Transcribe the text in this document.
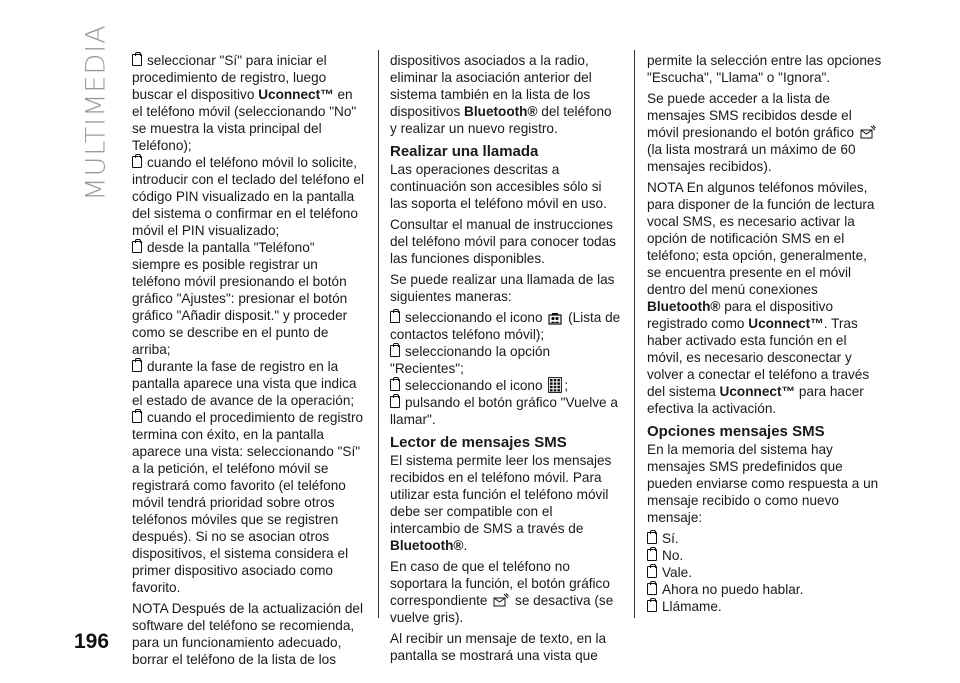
MULTIMEDIA
196

seleccionar "Sí" para iniciar el procedimiento de registro, luego buscar el dispositivo Uconnect™ en el teléfono móvil (seleccionando "No" se muestra la vista principal del Teléfono);

cuando el teléfono móvil lo solicite, introducir con el teclado del teléfono el código PIN visualizado en la pantalla del sistema o confirmar en el teléfono móvil el PIN visualizado;

desde la pantalla "Teléfono" siempre es posible registrar un teléfono móvil presionando el botón gráfico "Ajustes": presionar el botón gráfico "Añadir disposit." y proceder como se describe en el punto de arriba;

durante la fase de registro en la pantalla aparece una vista que indica el estado de avance de la operación;

cuando el procedimiento de registro termina con éxito, en la pantalla aparece una vista: seleccionando "Sí" a la petición, el teléfono móvil se registrará como favorito (el teléfono móvil tendrá prioridad sobre otros teléfonos móviles que se registren después). Si no se asocian otros dispositivos, el sistema considera el primer dispositivo asociado como favorito.

NOTA Después de la actualización del software del teléfono se recomienda, para un funcionamiento adecuado, borrar el teléfono de la lista de los

dispositivos asociados a la radio, eliminar la asociación anterior del sistema también en la lista de los dispositivos Bluetooth® del teléfono y realizar un nuevo registro.

Realizar una llamada

Las operaciones descritas a continuación son accesibles sólo si las soporta el teléfono móvil en uso.

Consultar el manual de instrucciones del teléfono móvil para conocer todas las funciones disponibles.

Se puede realizar una llamada de las siguientes maneras:

seleccionando el icono  (Lista de contactos teléfono móvil);

seleccionando la opción "Recientes";

seleccionando el icono ;

pulsando el botón gráfico "Vuelve a llamar".

Lector de mensajes SMS

El sistema permite leer los mensajes recibidos en el teléfono móvil. Para utilizar esta función el teléfono móvil debe ser compatible con el intercambio de SMS a través de Bluetooth®.

En caso de que el teléfono no soportara la función, el botón gráfico correspondiente  se desactiva (se vuelve gris).

Al recibir un mensaje de texto, en la pantalla se mostrará una vista que

permite la selección entre las opciones "Escucha", "Llama" o "Ignora".

Se puede acceder a la lista de mensajes SMS recibidos desde el móvil presionando el botón gráfico  (la lista mostrará un máximo de 60 mensajes recibidos).

NOTA En algunos teléfonos móviles, para disponer de la función de lectura vocal SMS, es necesario activar la opción de notificación SMS en el teléfono; esta opción, generalmente, se encuentra presente en el móvil dentro del menú conexiones Bluetooth® para el dispositivo registrado como Uconnect™. Tras haber activado esta función en el móvil, es necesario desconectar y volver a conectar el teléfono a través del sistema Uconnect™ para hacer efectiva la activación.

Opciones mensajes SMS

En la memoria del sistema hay mensajes SMS predefinidos que pueden enviarse como respuesta a un mensaje recibido o como nuevo mensaje:

Sí.

No.

Vale.

Ahora no puedo hablar.

Llámame.
